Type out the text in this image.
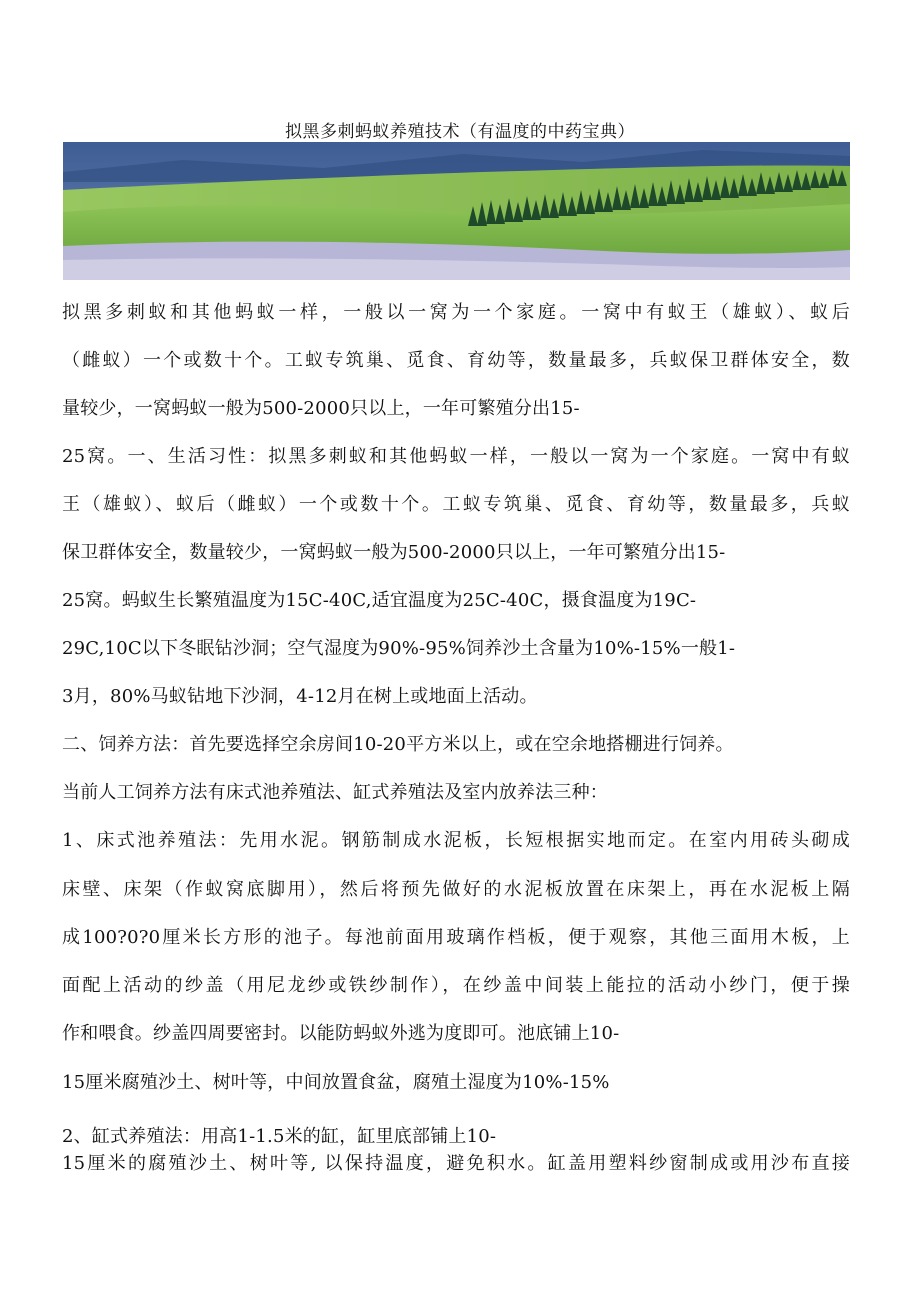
拟黑多刺蚂蚁养殖技术（有温度的中药宝典）
拟黑多刺蚁和其他蚂蚁一样，一般以一窝为一个家庭。一窝中有蚁王（雄蚁）、蚁后
（雌蚁）一个或数十个。工蚁专筑巢、觅食、育幼等，数量最多，兵蚁保卫群体安全，数
量较少，一窝蚂蚁一般为500-2000只以上，一年可繁殖分出15-
25窝。一、生活习性：拟黑多刺蚁和其他蚂蚁一样，一般以一窝为一个家庭。一窝中有蚁
王（雄蚁）、蚁后（雌蚁）一个或数十个。工蚁专筑巢、觅食、育幼等，数量最多，兵蚁
保卫群体安全，数量较少，一窝蚂蚁一般为500-2000只以上，一年可繁殖分出15-
25窝。蚂蚁生长繁殖温度为15C-40C,适宜温度为25C-40C，摄食温度为19C-
29C,10C以下冬眠钻沙洞；空气湿度为90%-95%饲养沙土含量为10%-15%一般1-
3月，80%马蚁钻地下沙洞，4-12月在树上或地面上活动。
二、饲养方法：首先要选择空余房间10-20平方米以上，或在空余地搭棚进行饲养。
当前人工饲养方法有床式池养殖法、缸式养殖法及室内放养法三种：
1、床式池养殖法：先用水泥。钢筋制成水泥板，长短根据实地而定。在室内用砖头砌成
床壁、床架（作蚁窝底脚用），然后将预先做好的水泥板放置在床架上，再在水泥板上隔
成100?0?0厘米长方形的池子。每池前面用玻璃作档板，便于观察，其他三面用木板，上
面配上活动的纱盖（用尼龙纱或铁纱制作），在纱盖中间装上能拉的活动小纱门，便于操
作和喂食。纱盖四周要密封。以能防蚂蚁外逃为度即可。池底铺上10-
15厘米腐殖沙土、树叶等，中间放置食盆，腐殖土湿度为10%-15%
2、缸式养殖法：用高1-1.5米的缸，缸里底部铺上10-
15厘米的腐殖沙土、树叶等, 以保持温度，避免积水。缸盖用塑料纱窗制成或用沙布直接
